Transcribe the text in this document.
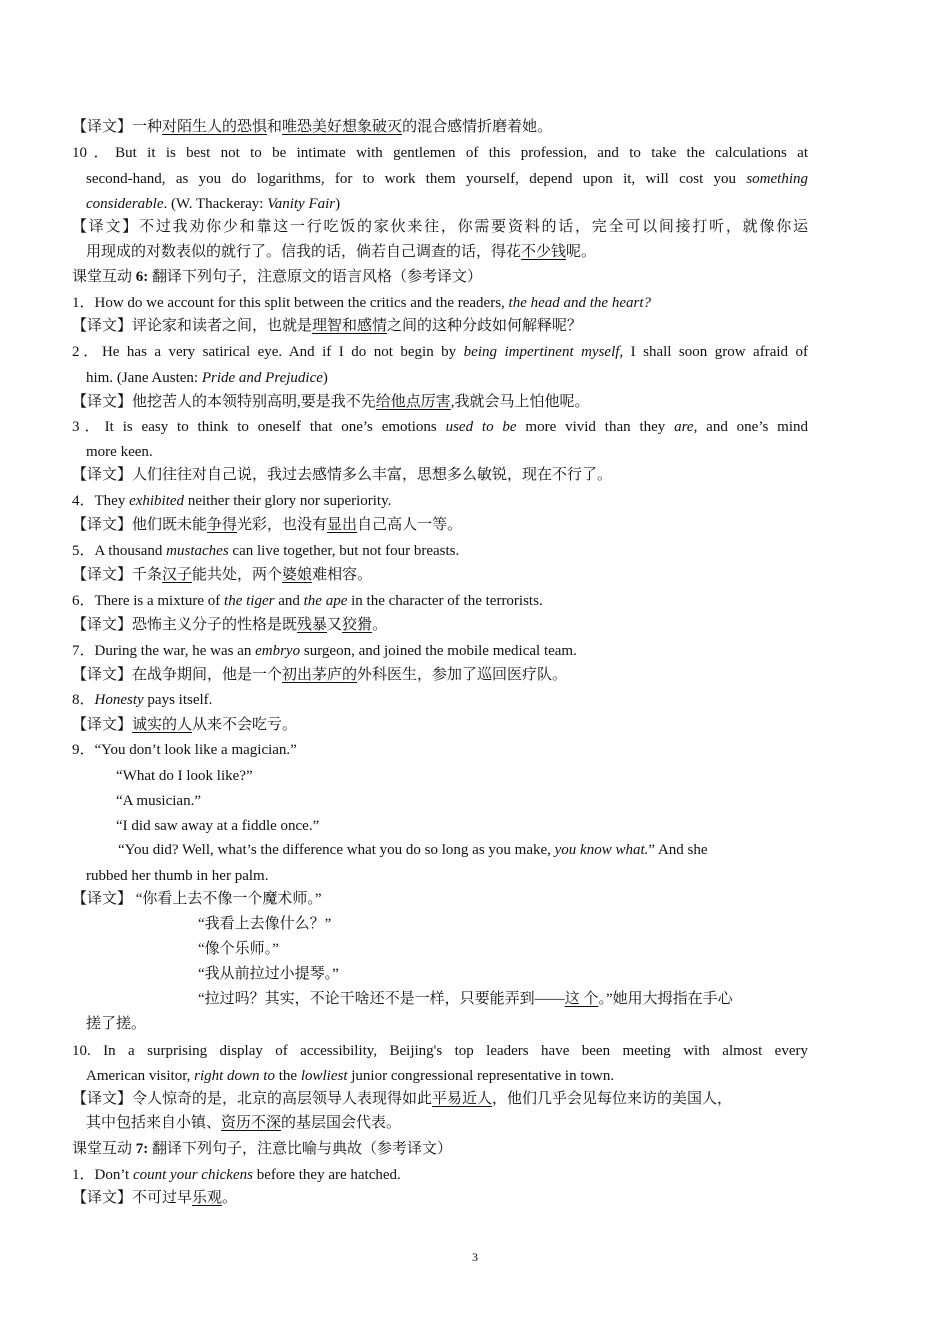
【译文】一种对陌生人的恐惧和唯恐美好想象破灭的混合感情折磨着她。
10．But it is best not to be intimate with gentlemen of this profession, and to take the calculations at
second-hand, as you do logarithms, for to work them yourself, depend upon it, will cost you something
considerable. (W. Thackeray: Vanity Fair)
【译文】不过我劝你少和靠这一行吃饭的家伙来往，你需要资料的话，完全可以间接打听，就像你运
用现成的对数表似的就行了。信我的话，倘若自己调查的话，得花不少钱呢。
课堂互动 6: 翻译下列句子，注意原文的语言风格（参考译文）
1．How do we account for this split between the critics and the readers, the head and the heart?
【译文】评论家和读者之间，也就是理智和感情之间的这种分歧如何解释呢？
2．He has a very satirical eye. And if I do not begin by being impertinent myself, I shall soon grow afraid of
him. (Jane Austen: Pride and Prejudice)
【译文】他挖苦人的本领特别高明,要是我不先给他点厉害,我就会马上怕他呢。
3．It is easy to think to oneself that one’s emotions used to be more vivid than they are, and one’s mind
more keen.
【译文】人们往往对自己说，我过去感情多么丰富，思想多么敏锐，现在不行了。
4．They exhibited neither their glory nor superiority.
【译文】他们既未能争得光彩，也没有显出自己高人一等。
5．A thousand mustaches can live together, but not four breasts.
【译文】千条汉子能共处，两个婆娘难相容。
6．There is a mixture of the tiger and the ape in the character of the terrorists.
【译文】恐怖主义分子的性格是既残暴又狡猾。
7．During the war, he was an embryo surgeon, and joined the mobile medical team.
【译文】在战争期间，他是一个初出茅庐的外科医生，参加了巡回医疗队。
8．Honesty pays itself.
【译文】诚实的人从来不会吃亏。
9．“You don’t look like a magician.”
“What do I look like?”
“A musician.”
“I did saw away at a fiddle once.”
“You did? Well, what’s the difference what you do so long as you make, you know what.” And she
rubbed her thumb in her palm.
【译文】 “你看上去不像一个魔术师。”
“我看上去像什么？”
“像个乐师。”
“我从前拉过小提琴。”
“拉过吗？其实，不论干啥还不是一样，只要能弄到——这 个。”她用大拇指在手心
搓了搓。
10. In a surprising display of accessibility, Beijing's top leaders have been meeting with almost every
American visitor, right down to the lowliest junior congressional representative in town.
【译文】令人惊奇的是，北京的高层领导人表现得如此平易近人，他们几乎会见每位来访的美国人，
其中包括来自小镇、资历不深的基层国会代表。
课堂互动 7: 翻译下列句子，注意比喻与典故（参考译文）
1．Don’t count your chickens before they are hatched.
【译文】不可过早乐观。
3
